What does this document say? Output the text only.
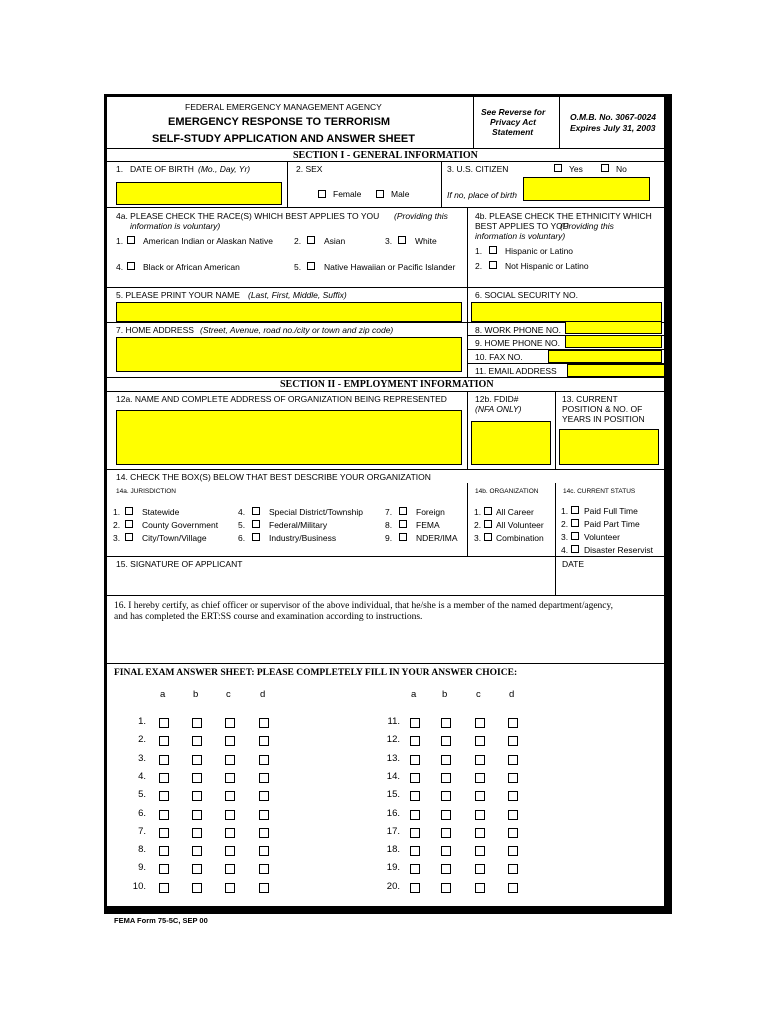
FEDERAL EMERGENCY MANAGEMENT AGENCY
EMERGENCY RESPONSE TO TERRORISM
SELF-STUDY APPLICATION AND ANSWER SHEET
See Reverse for
Privacy Act
Statement
O.M.B. No. 3067-0024
Expires July 31, 2003
SECTION I - GENERAL INFORMATION
1. DATE OF BIRTH (Mo., Day, Yr)	2. SEX
Female	Male
3. U.S. CITIZEN	Yes	No
If no, place of birth
4a. PLEASE CHECK THE RACE(S) WHICH BEST APPLIES TO YOU (Providing this
information is voluntary)
1. American Indian or Alaskan Native 2.	Asian	3.	White
4. Black or African American	5.	Native Hawaiian or Pacific Islander
4b. PLEASE CHECK THE ETHNICITY WHICH
BEST APPLIES TO YOU
(Providing this
information is voluntary)
1.	Hispanic or Latino
2.	Not Hispanic or Latino
5. PLEASE PRINT YOUR NAME (Last, First, Middle, Suffix)	6. SOCIAL SECURITY NO.
7. HOME ADDRESS (Street, Avenue, road no./city or town and zip code)	8. WORK PHONE NO.
9. HOME PHONE NO.
10. FAX NO.
11. EMAIL ADDRESS
SECTION II - EMPLOYMENT INFORMATION
12a. NAME AND COMPLETE ADDRESS OF ORGANIZATION BEING REPRESENTED	12b. FDID#
(NFA ONLY)
13. CURRENT
POSITION & NO. OF
YEARS IN POSITION
14. CHECK THE BOX(S) BELOW THAT BEST DESCRIBE YOUR ORGANIZATION
14a. JURISDICTION	14b. ORGANIZATION	14c. CURRENT STATUS
1.	Statewide
2.	County Government
3.	City/Town/Village
4.	Special District/Township
5.	Federal/Military
6.	Industry/Business
7.	Foreign
8.	FEMA
9.	NDER/IMA
1. All Career
2. All Volunteer
3. Combination
1. Paid Full Time
2. Paid Part Time
3. Volunteer
4. Disaster Reservist
15. SIGNATURE OF APPLICANT	DATE
16. I hereby certify, as chief officer or supervisor of the above individual, that he/she is a member of the named department/agency,
and has completed the ERT:SS course and examination according to instructions.
FINAL EXAM ANSWER SHEET: PLEASE COMPLETELY FILL IN YOUR ANSWER CHOICE:
a	b	c	d
1.
2.
3.
4.
5.
6.
7.
8.
9.
10.
a	b	c	d
11.
12.
13.
14.
15.
16.
17.
18.
19.
20.
FEMA Form 75-5C, SEP 00
